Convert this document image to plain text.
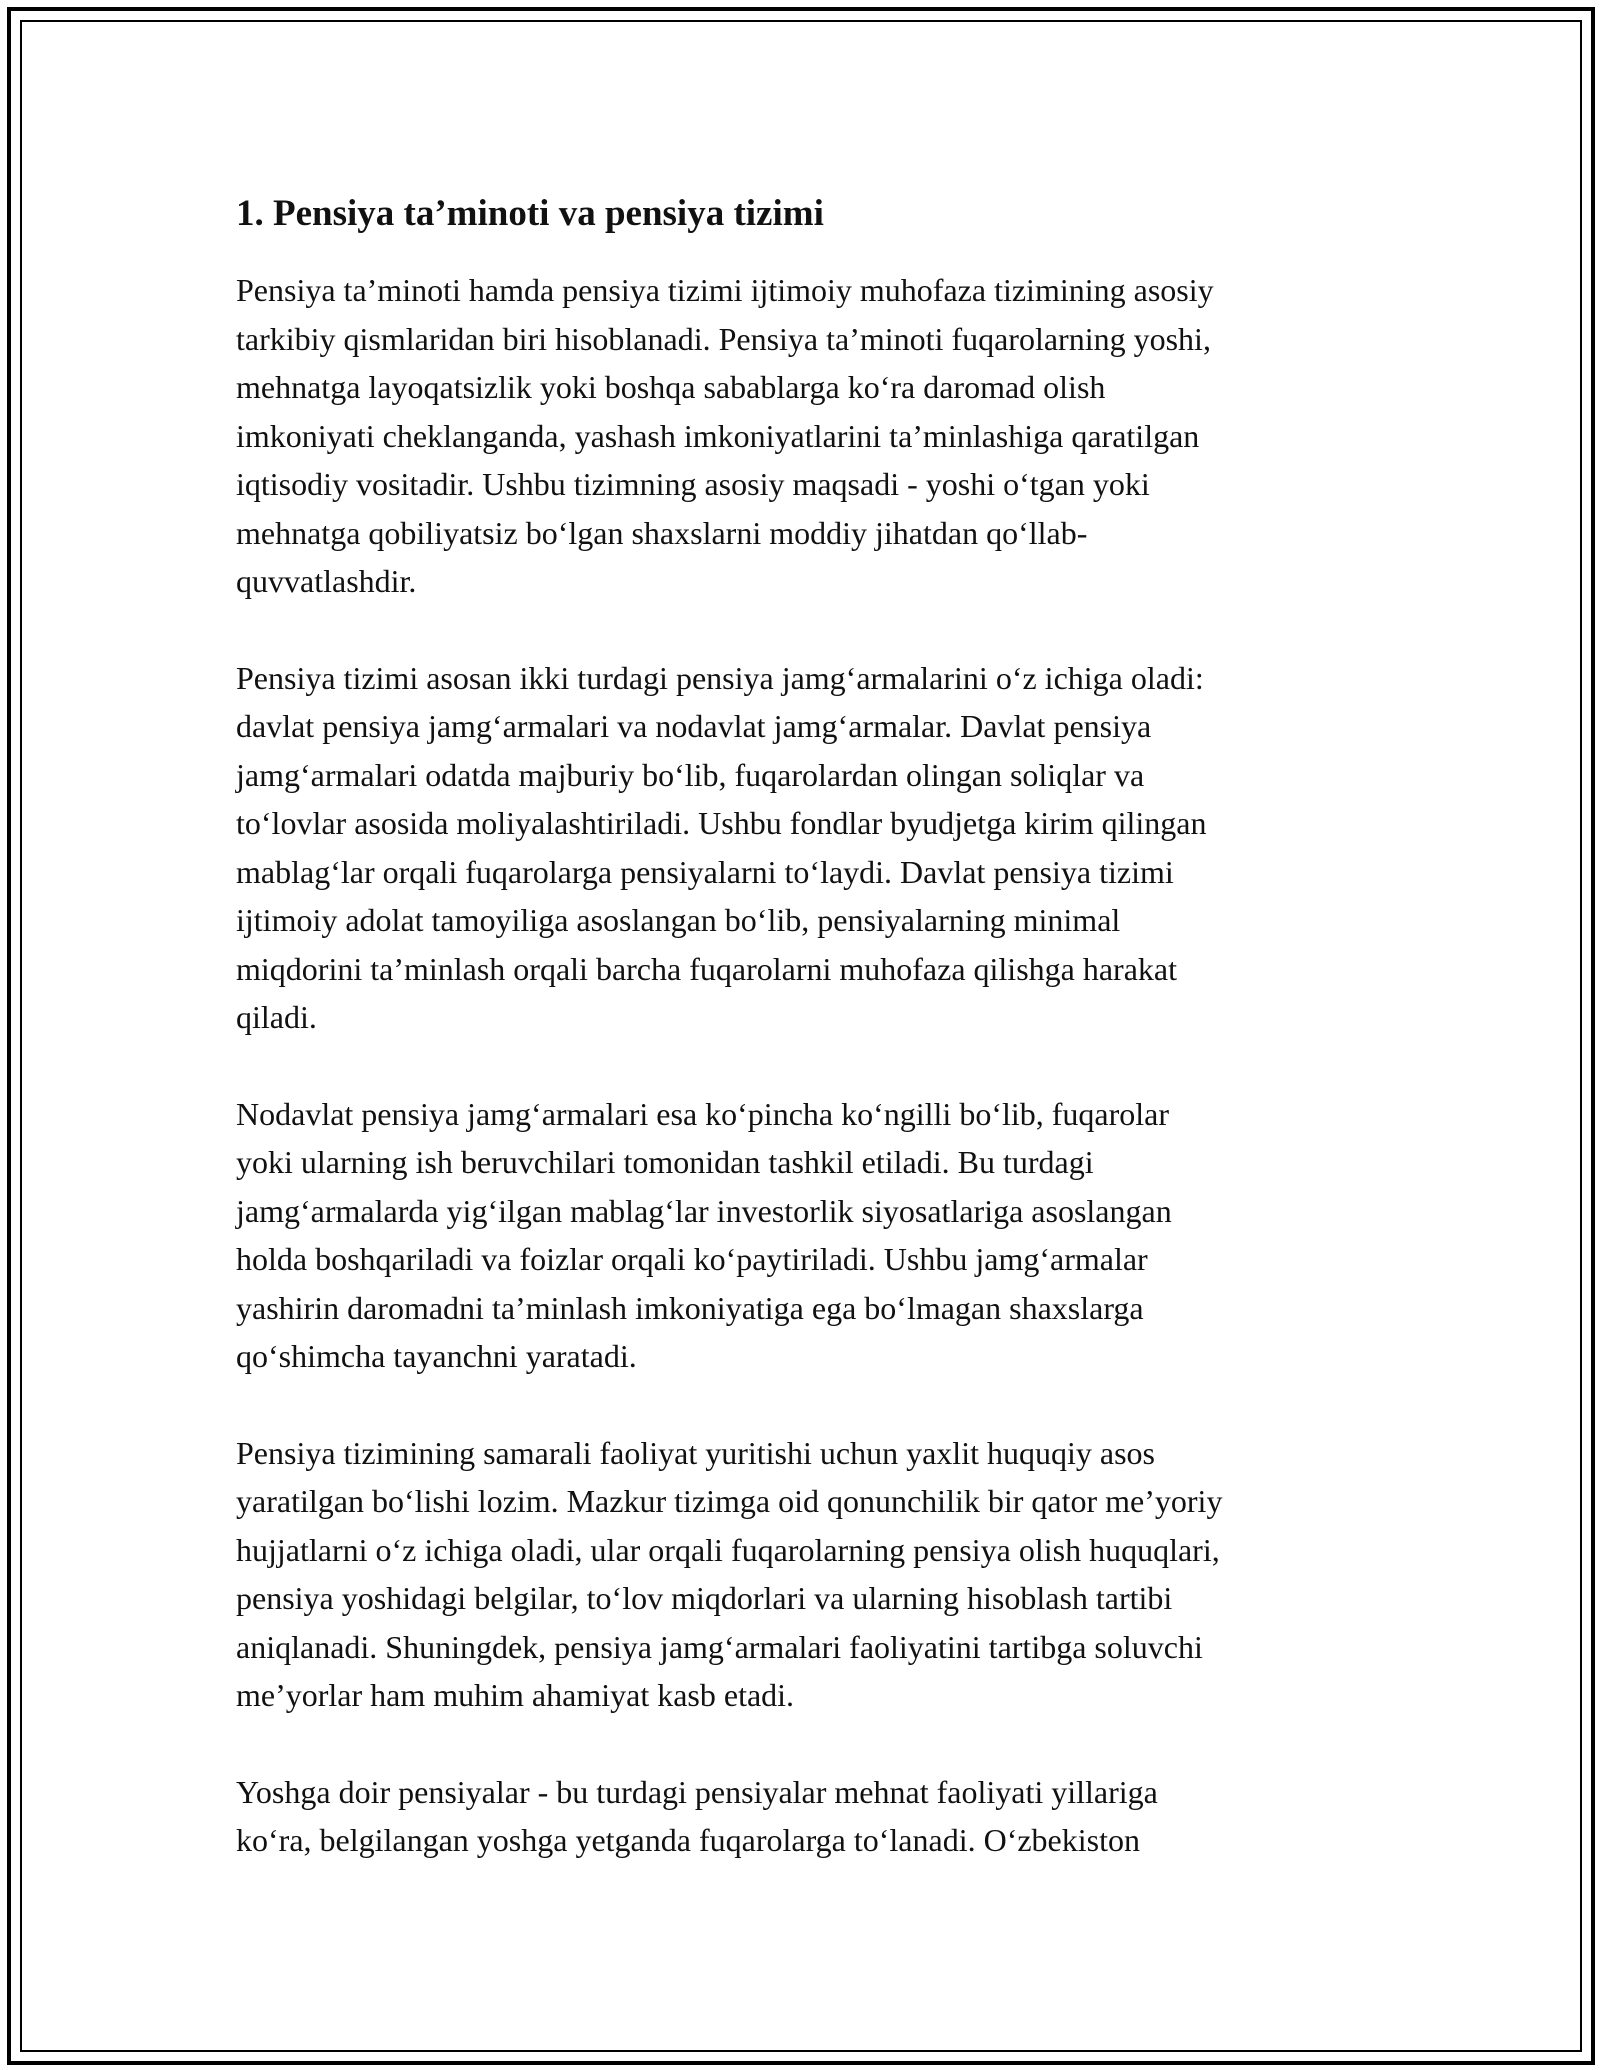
1. Pensiya ta’minoti va pensiya tizimi

Pensiya ta’minoti hamda pensiya tizimi ijtimoiy muhofaza tizimining asosiy
tarkibiy qismlaridan biri hisoblanadi. Pensiya ta’minoti fuqarolarning yoshi,
mehnatga layoqatsizlik yoki boshqa sabablarga koʻra daromad olish
imkoniyati cheklanganda, yashash imkoniyatlarini ta’minlashiga qaratilgan
iqtisodiy vositadir. Ushbu tizimning asosiy maqsadi - yoshi oʻtgan yoki
mehnatga qobiliyatsiz boʻlgan shaxslarni moddiy jihatdan qoʻllab-
quvvatlashdir.

Pensiya tizimi asosan ikki turdagi pensiya jamgʻarmalarini oʻz ichiga oladi:
davlat pensiya jamgʻarmalari va nodavlat jamgʻarmalar. Davlat pensiya
jamgʻarmalari odatda majburiy boʻlib, fuqarolardan olingan soliqlar va
toʻlovlar asosida moliyalashtiriladi. Ushbu fondlar byudjetga kirim qilingan
mablagʻlar orqali fuqarolarga pensiyalarni toʻlaydi. Davlat pensiya tizimi
ijtimoiy adolat tamoyiliga asoslangan boʻlib, pensiyalarning minimal
miqdorini ta’minlash orqali barcha fuqarolarni muhofaza qilishga harakat
qiladi.

Nodavlat pensiya jamgʻarmalari esa koʻpincha koʻngilli boʻlib, fuqarolar
yoki ularning ish beruvchilari tomonidan tashkil etiladi. Bu turdagi
jamgʻarmalarda yigʻilgan mablagʻlar investorlik siyosatlariga asoslangan
holda boshqariladi va foizlar orqali koʻpaytiriladi. Ushbu jamgʻarmalar
yashirin daromadni ta’minlash imkoniyatiga ega boʻlmagan shaxslarga
qoʻshimcha tayanchni yaratadi.

Pensiya tizimining samarali faoliyat yuritishi uchun yaxlit huquqiy asos
yaratilgan boʻlishi lozim. Mazkur tizimga oid qonunchilik bir qator me’yoriy
hujjatlarni oʻz ichiga oladi, ular orqali fuqarolarning pensiya olish huquqlari,
pensiya yoshidagi belgilar, toʻlov miqdorlari va ularning hisoblash tartibi
aniqlanadi. Shuningdek, pensiya jamgʻarmalari faoliyatini tartibga soluvchi
me’yorlar ham muhim ahamiyat kasb etadi.

Yoshga doir pensiyalar - bu turdagi pensiyalar mehnat faoliyati yillariga
koʻra, belgilangan yoshga yetganda fuqarolarga toʻlanadi. Oʻzbekiston
